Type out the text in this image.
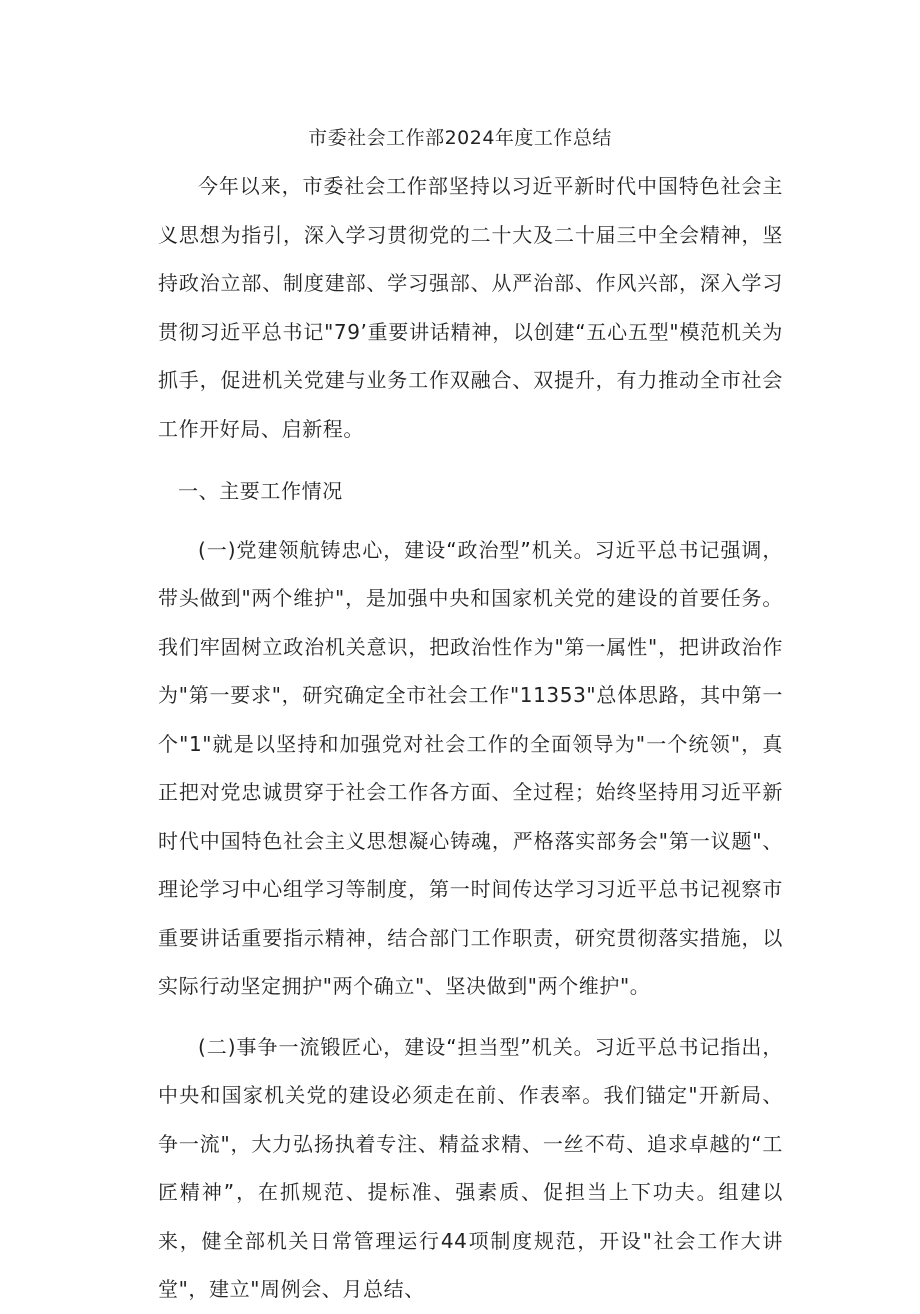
市委社会工作部2024年度工作总结

今年以来，市委社会工作部坚持以习近平新时代中国特色社会主义思想为指引，深入学习贯彻党的二十大及二十届三中全会精神，坚持政治立部、制度建部、学习强部、从严治部、作风兴部，深入学习贯彻习近平总书记"79’重要讲话精神，以创建“五心五型"模范机关为抓手，促进机关党建与业务工作双融合、双提升，有力推动全市社会工作开好局、启新程。

一、主要工作情况

(一)党建领航铸忠心，建设“政治型”机关。习近平总书记强调，带头做到"两个维护"，是加强中央和国家机关党的建设的首要任务。我们牢固树立政治机关意识，把政治性作为"第一属性"，把讲政治作为"第一要求"，研究确定全市社会工作"11353"总体思路，其中第一个"1"就是以坚持和加强党对社会工作的全面领导为"一个统领"，真正把对党忠诚贯穿于社会工作各方面、全过程；始终坚持用习近平新时代中国特色社会主义思想凝心铸魂，严格落实部务会"第一议题"、理论学习中心组学习等制度，第一时间传达学习习近平总书记视察市重要讲话重要指示精神，结合部门工作职责，研究贯彻落实措施，以实际行动坚定拥护"两个确立"、坚决做到"两个维护"。

(二)事争一流锻匠心，建设“担当型”机关。习近平总书记指出，中央和国家机关党的建设必须走在前、作表率。我们锚定"开新局、争一流"，大力弘扬执着专注、精益求精、一丝不苟、追求卓越的“工匠精神”，在抓规范、提标准、强素质、促担当上下功夫。组建以来，健全部机关日常管理运行44项制度规范，开设"社会工作大讲堂"，建立"周例会、月总结、
